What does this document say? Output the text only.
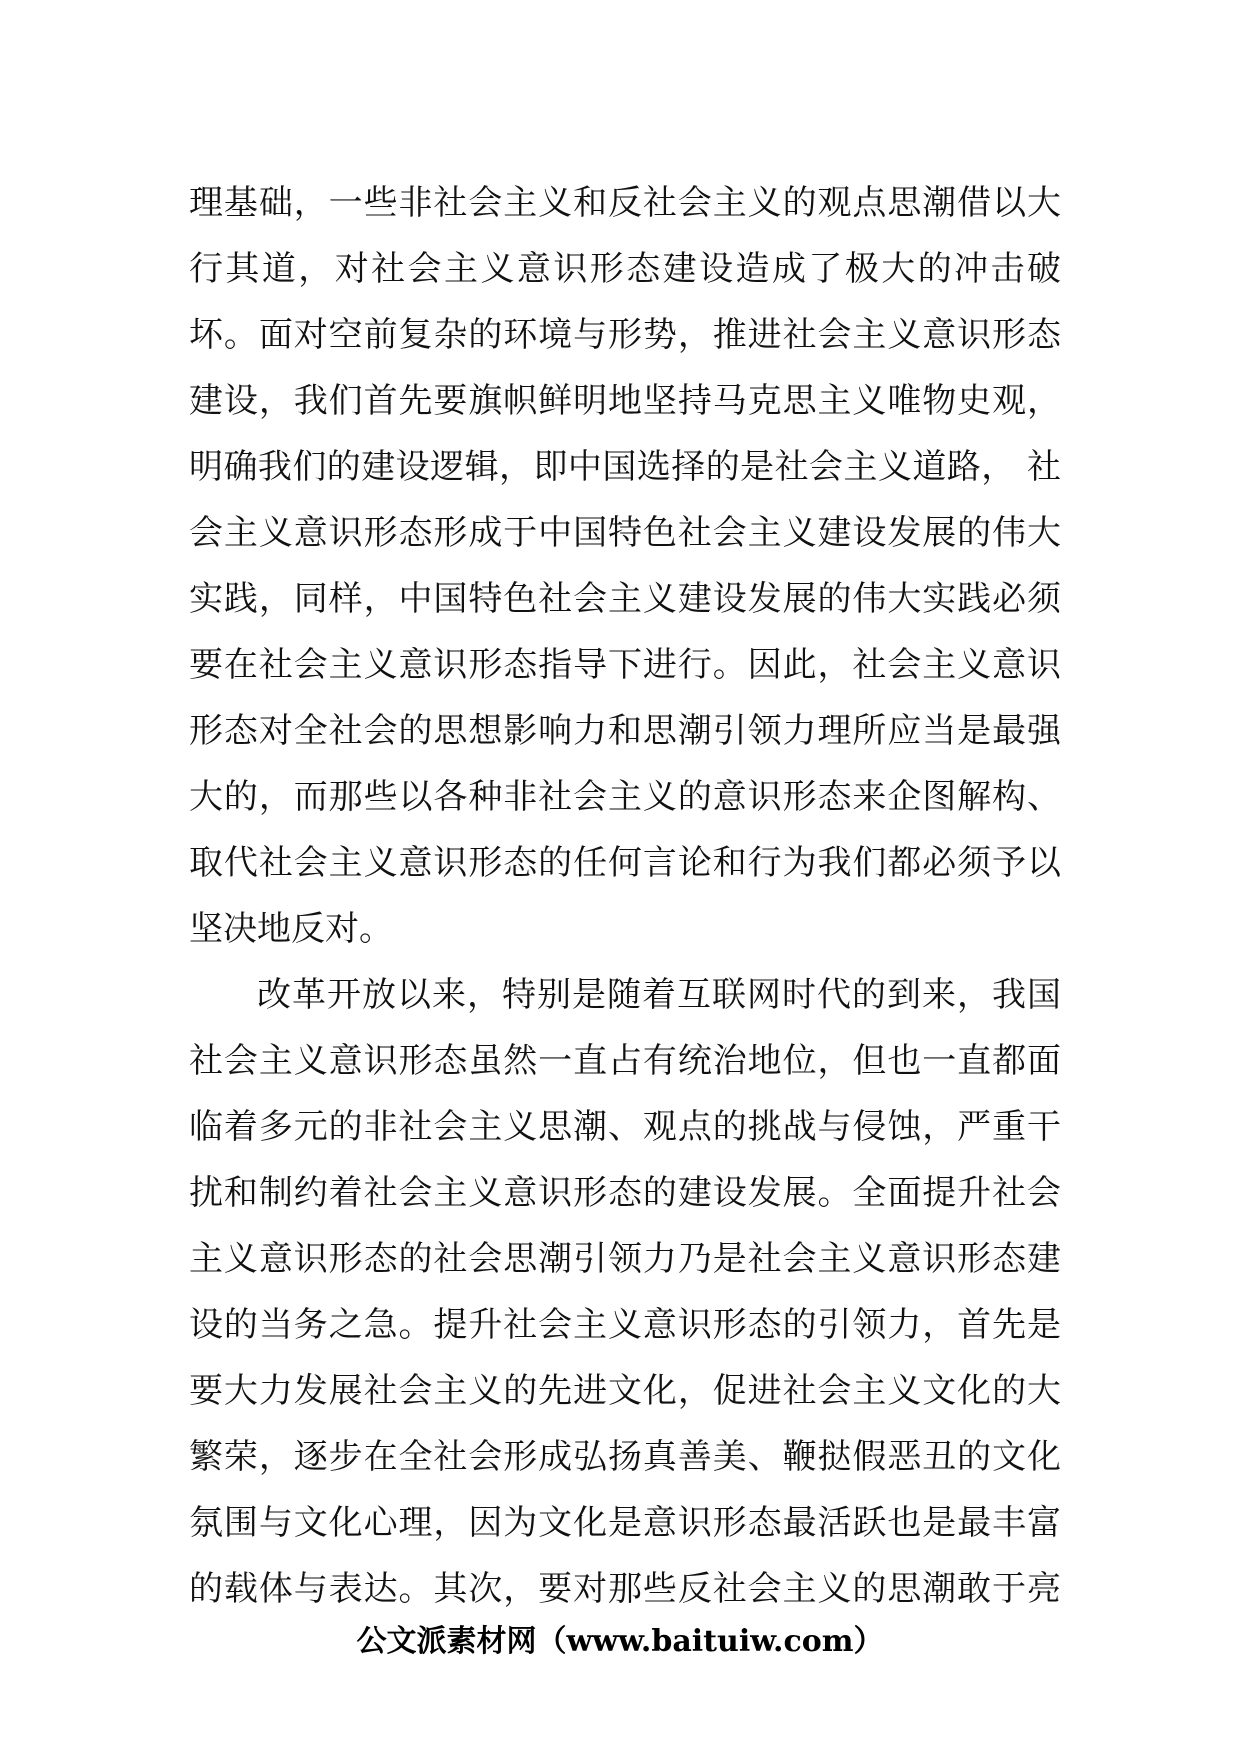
理基础，一些非社会主义和反社会主义的观点思潮借以大
行其道，对社会主义意识形态建设造成了极大的冲击破
坏。面对空前复杂的环境与形势，推进社会主义意识形态
建设，我们首先要旗帜鲜明地坚持马克思主义唯物史观，
明确我们的建设逻辑，即中国选择的是社会主义道路， 社
会主义意识形态形成于中国特色社会主义建设发展的伟大
实践，同样，中国特色社会主义建设发展的伟大实践必须
要在社会主义意识形态指导下进行。因此，社会主义意识
形态对全社会的思想影响力和思潮引领力理所应当是最强
大的，而那些以各种非社会主义的意识形态来企图解构、
取代社会主义意识形态的任何言论和行为我们都必须予以
坚决地反对。
改革开放以来，特别是随着互联网时代的到来，我国
社会主义意识形态虽然一直占有统治地位，但也一直都面
临着多元的非社会主义思潮、观点的挑战与侵蚀，严重干
扰和制约着社会主义意识形态的建设发展。全面提升社会
主义意识形态的社会思潮引领力乃是社会主义意识形态建
设的当务之急。提升社会主义意识形态的引领力，首先是
要大力发展社会主义的先进文化，促进社会主义文化的大
繁荣，逐步在全社会形成弘扬真善美、鞭挞假恶丑的文化
氛围与文化心理，因为文化是意识形态最活跃也是最丰富
的载体与表达。其次，要对那些反社会主义的思潮敢于亮
公文派素材网（www.baituiw.com）
